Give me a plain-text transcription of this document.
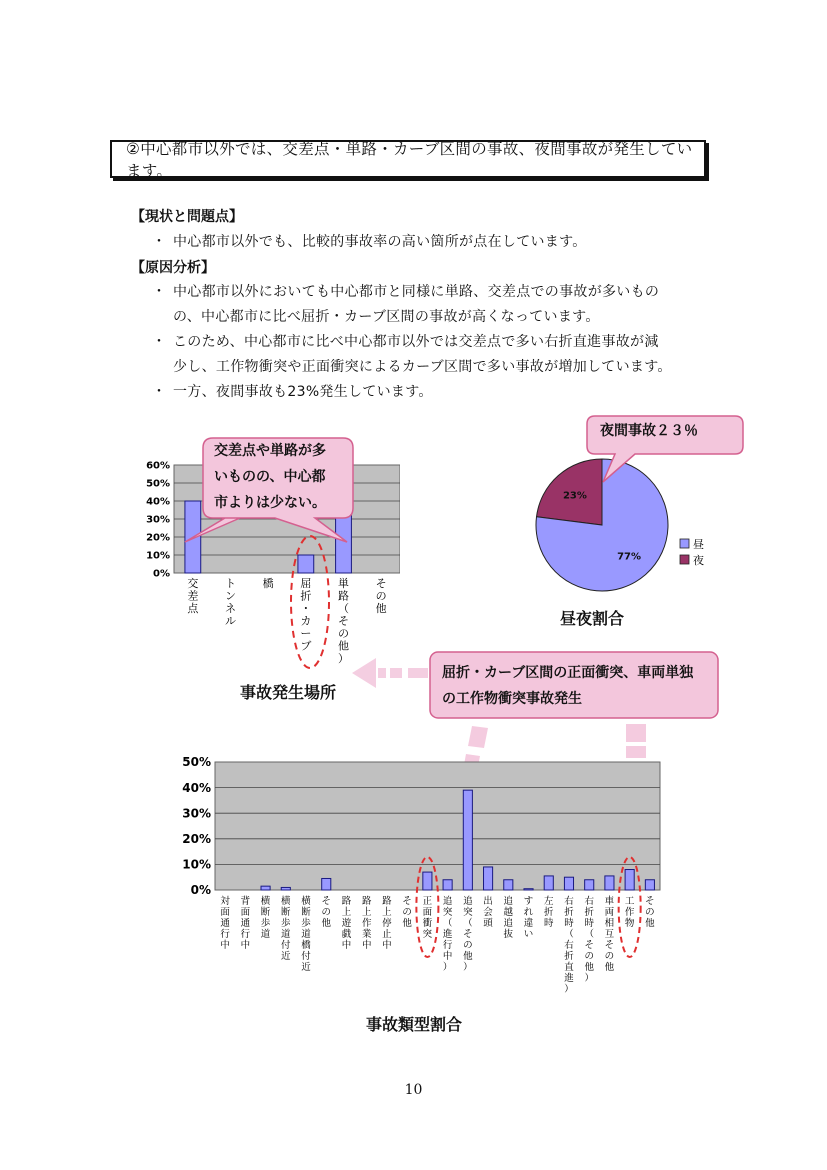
②中心都市以外では、交差点・単路・カーブ区間の事故、夜間事故が発生しています。
【現状と問題点】
・ 中心都市以外でも、比較的事故率の高い箇所が点在しています。
【原因分析】
・ 中心都市以外においても中心都市と同様に単路、交差点での事故が多いもの
の、中心都市に比べ屈折・カーブ区間の事故が高くなっています。
・ このため、中心都市に比べ中心都市以外では交差点で多い右折直進事故が減
少し、工作物衝突や正面衝突によるカーブ区間で多い事故が増加しています。
・ 一方、夜間事故も23%発生しています。
0%
10%
20%
30%
40%
50%
60%
交差点
トンネル
橋 屈折・カーブ
単路（その他）
その他
交差点や単路が多
いものの、中心都
市よりは少ない。
事故発生場所
23%
77%
昼
夜
夜間事故２３％
昼夜割合
屈折・カーブ区間の正面衝突、車両単独
の工作物衝突事故発生
0%
10%
20%
30%
40%
50%
対面通行中
背面通行中
横断歩道
横断歩道付近
横断歩道橋付近
その他
路上遊戯中
路上作業中
路上停止中
その他
正面衝突
追突（進行中）
追突（その他）
出会頭
追越追抜
すれ違い
左折時
右折時（右折直進）
右折時（その他）
車両相互その他
工作物
その他
事故類型割合
10
